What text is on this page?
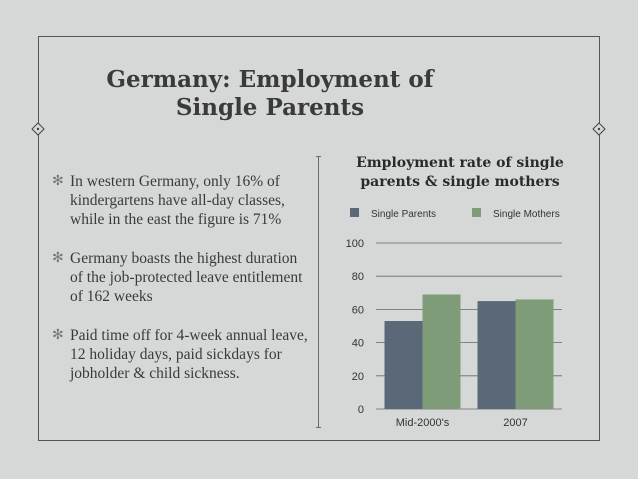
Germany: Employment of Single Parents
✻ In western Germany, only 16% of kindergartens have all-day classes, while in the east the figure is 71%
✻ Germany boasts the highest duration of the job-protected leave entitlement of 162 weeks
✻ Paid time off for 4-week annual leave, 12 holiday days, paid sickdays for jobholder & child sickness.
Employment rate of single parents & single mothers
Single Parents	Single Mothers
0
20
40
60
80
100
Mid-2000's	2007
